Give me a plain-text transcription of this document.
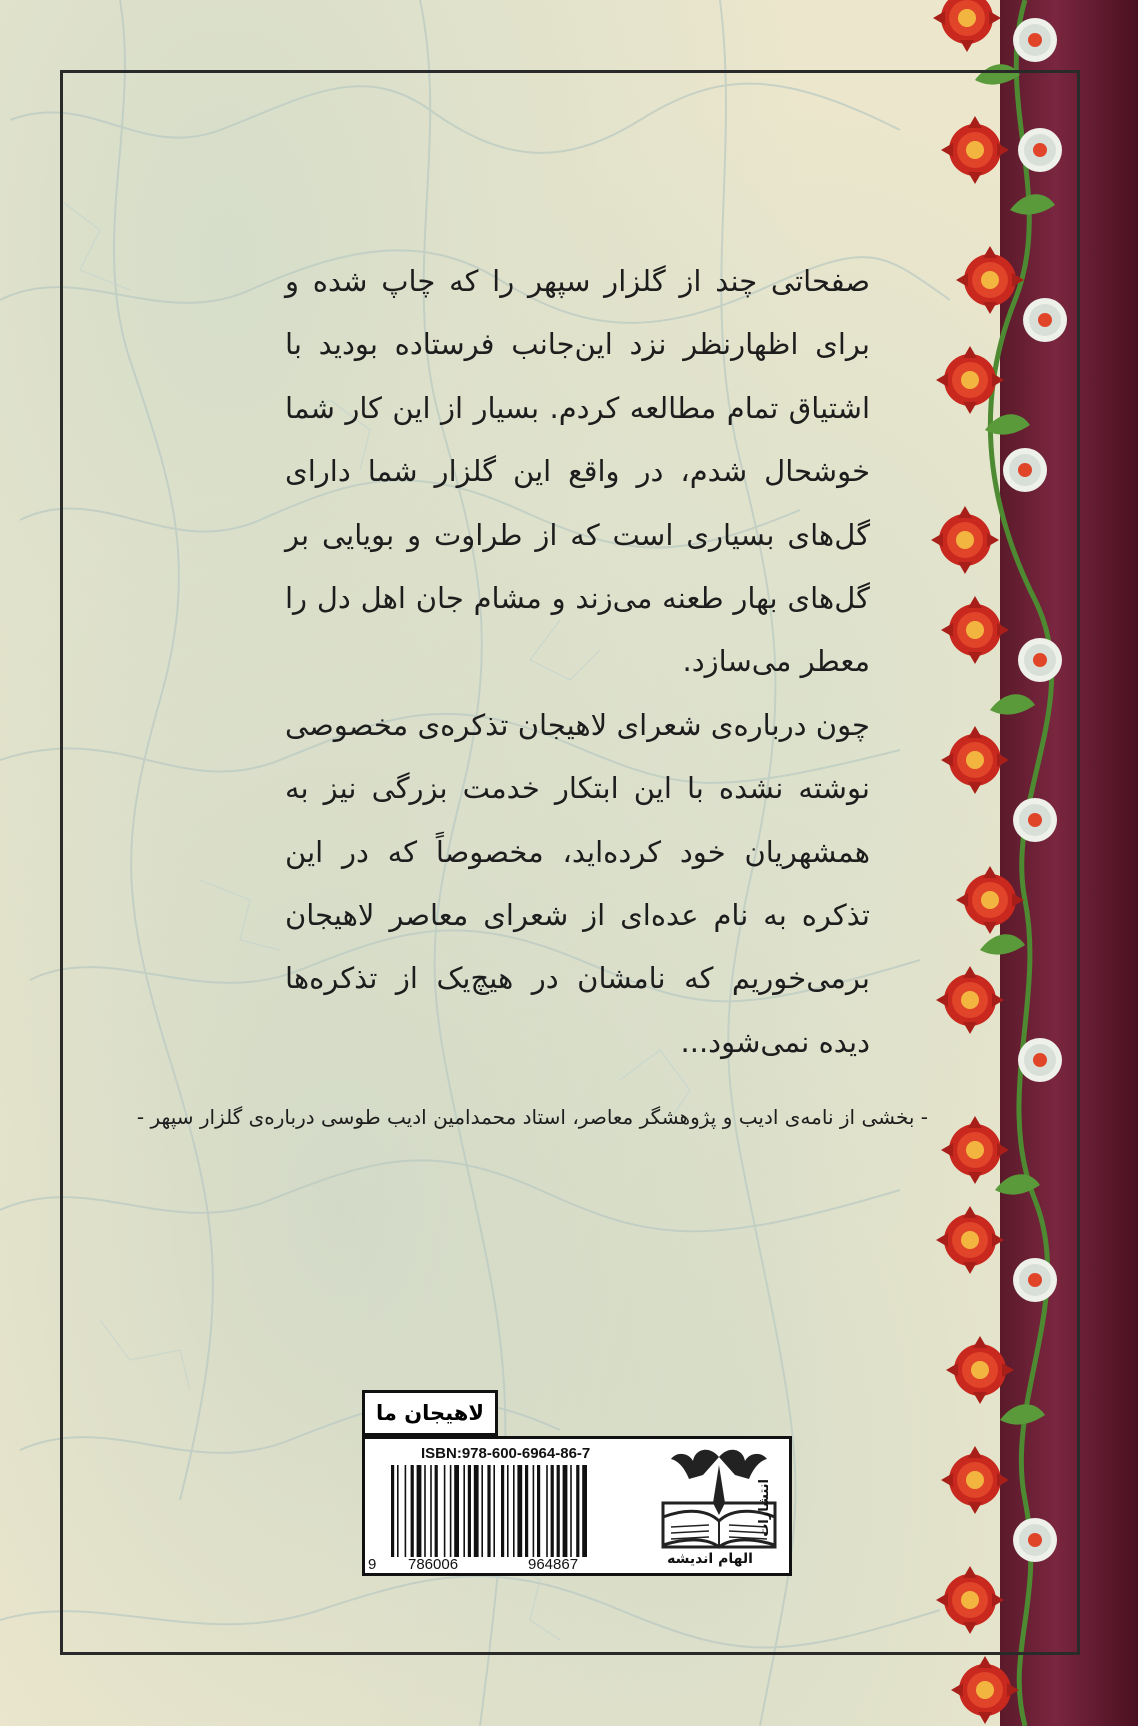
صفحاتی چند از گلزار سپهر را که چاپ شده و برای اظهارنظر نزد این‌جانب فرستاده بودید با اشتیاق تمام مطالعه کردم. بسیار از این کار شما خوشحال شدم، در واقع این گلزار شما دارای گل‌های بسیاری است که از طراوت و بویایی بر گل‌های بهار طعنه می‌زند و مشام جان اهل دل را معطر می‌سازد.

چون درباره‌ی شعرای لاهیجان تذکره‌ی مخصوصی نوشته نشده با این ابتکار خدمت بزرگی نیز به همشهریان خود کرده‌اید، مخصوصاً که در این تذکره به نام عده‌ای از شعرای معاصر لاهیجان برمی‌خوریم که نامشان در هیچ‌یک از تذکره‌ها دیده نمی‌شود...

- بخشی از نامه‌ی ادیب و پژوهشگر معاصر، استاد محمدامین ادیب طوسی درباره‌ی گلزار سپهر -
لاهیجان ما
ISBN:978-600-6964-86-7
9 786006	964867
انتشارات
الهام اندیشه
